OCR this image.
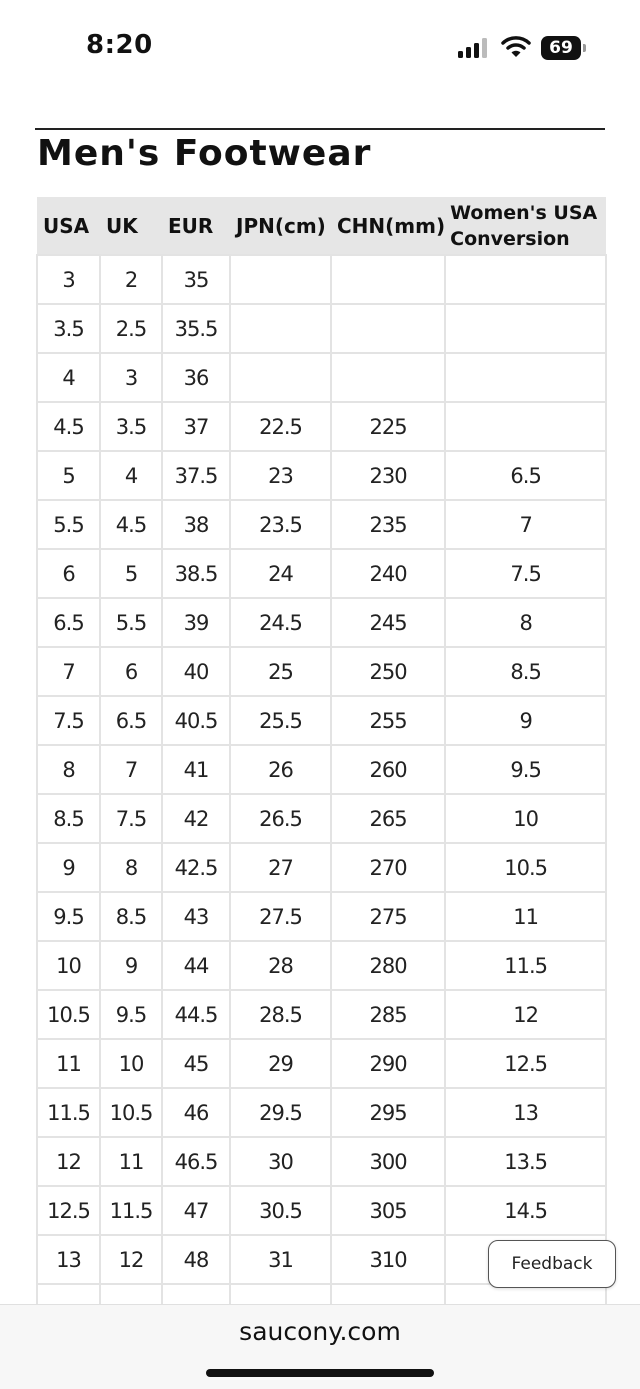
8:20	69
Men's Footwear
USA	UK	EUR	JPN(cm)	CHN(mm)	Women's USA Conversion
3	2	35			
3.5	2.5	35.5			
4	3	36			
4.5	3.5	37	22.5	225	
5	4	37.5	23	230	6.5
5.5	4.5	38	23.5	235	7
6	5	38.5	24	240	7.5
6.5	5.5	39	24.5	245	8
7	6	40	25	250	8.5
7.5	6.5	40.5	25.5	255	9
8	7	41	26	260	9.5
8.5	7.5	42	26.5	265	10
9	8	42.5	27	270	10.5
9.5	8.5	43	27.5	275	11
10	9	44	28	280	11.5
10.5	9.5	44.5	28.5	285	12
11	10	45	29	290	12.5
11.5	10.5	46	29.5	295	13
12	11	46.5	30	300	13.5
12.5	11.5	47	30.5	305	14.5
13	12	48	31	310	
						Feedback
saucony.com
